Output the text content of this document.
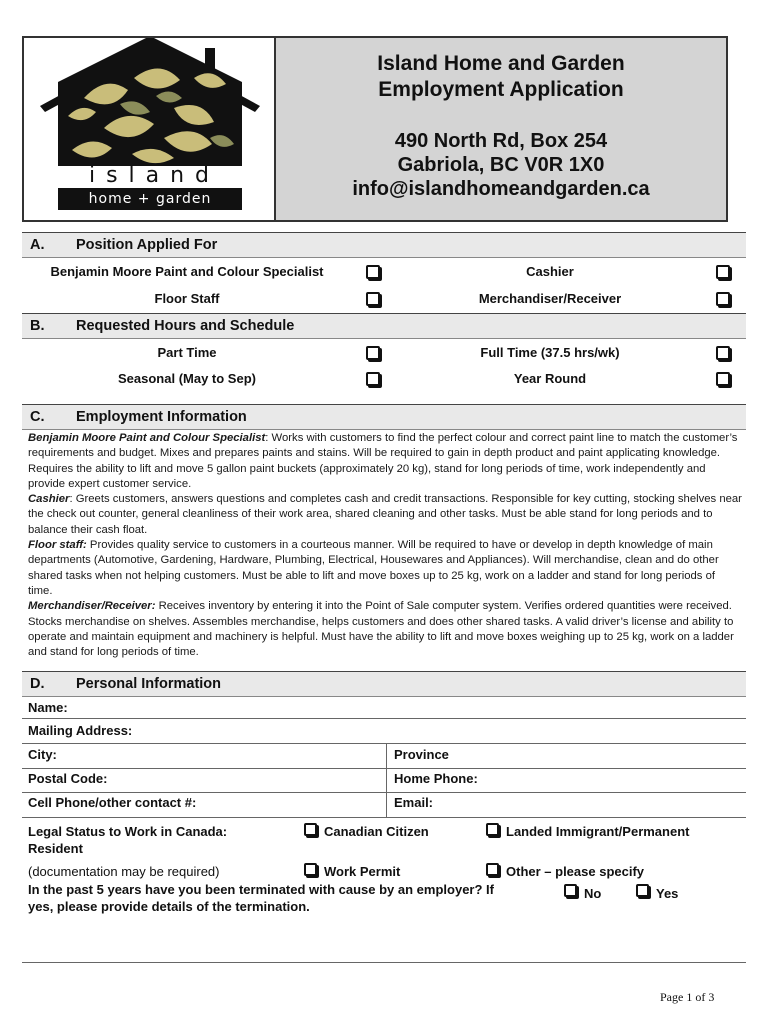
i s l a n d
home + garden
Island Home and Garden
Employment Application
490 North Rd, Box 254
Gabriola, BC V0R 1X0
info@islandhomeandgarden.ca
A. Position Applied For
Benjamin Moore Paint and Colour Specialist	Cashier
Floor Staff	Merchandiser/Receiver
B. Requested Hours and Schedule
Part Time	Full Time (37.5 hrs/wk)
Seasonal (May to Sep)	Year Round
C. Employment Information
Benjamin Moore Paint and Colour Specialist: Works with customers to find the perfect colour and correct paint line to match the customer’s requirements and budget. Mixes and prepares paints and stains. Will be required to gain in depth product and paint applicating knowledge. Requires the ability to lift and move 5 gallon paint buckets (approximately 20 kg), stand for long periods of time, work independently and provide expert customer service.
Cashier: Greets customers, answers questions and completes cash and credit transactions. Responsible for key cutting, stocking shelves near the check out counter, general cleanliness of their work area, shared cleaning and other tasks. Must be able stand for long periods and to balance their cash float.
Floor staff: Provides quality service to customers in a courteous manner. Will be required to have or develop in depth knowledge of main departments (Automotive, Gardening, Hardware, Plumbing, Electrical, Housewares and Appliances). Will merchandise, clean and do other shared tasks when not helping customers. Must be able to lift and move boxes up to 25 kg, work on a ladder and stand for long periods of time.
Merchandiser/Receiver: Receives inventory by entering it into the Point of Sale computer system. Verifies ordered quantities were received. Stocks merchandise on shelves. Assembles merchandise, helps customers and does other shared tasks. A valid driver’s license and ability to operate and maintain equipment and machinery is helpful. Must have the ability to lift and move boxes weighing up to 25 kg, work on a ladder and stand for long periods of time.
D. Personal Information
Name:
Mailing Address:
City:	Province
Postal Code:	Home Phone:
Cell Phone/other contact #:	Email:
Legal Status to Work in Canada:	Canadian Citizen	Landed Immigrant/Permanent
Resident
(documentation may be required)	Work Permit	Other – please specify
In the past 5 years have you been terminated with cause by an employer? If
yes, please provide details of the termination.
No	Yes
Page 1 of 3
